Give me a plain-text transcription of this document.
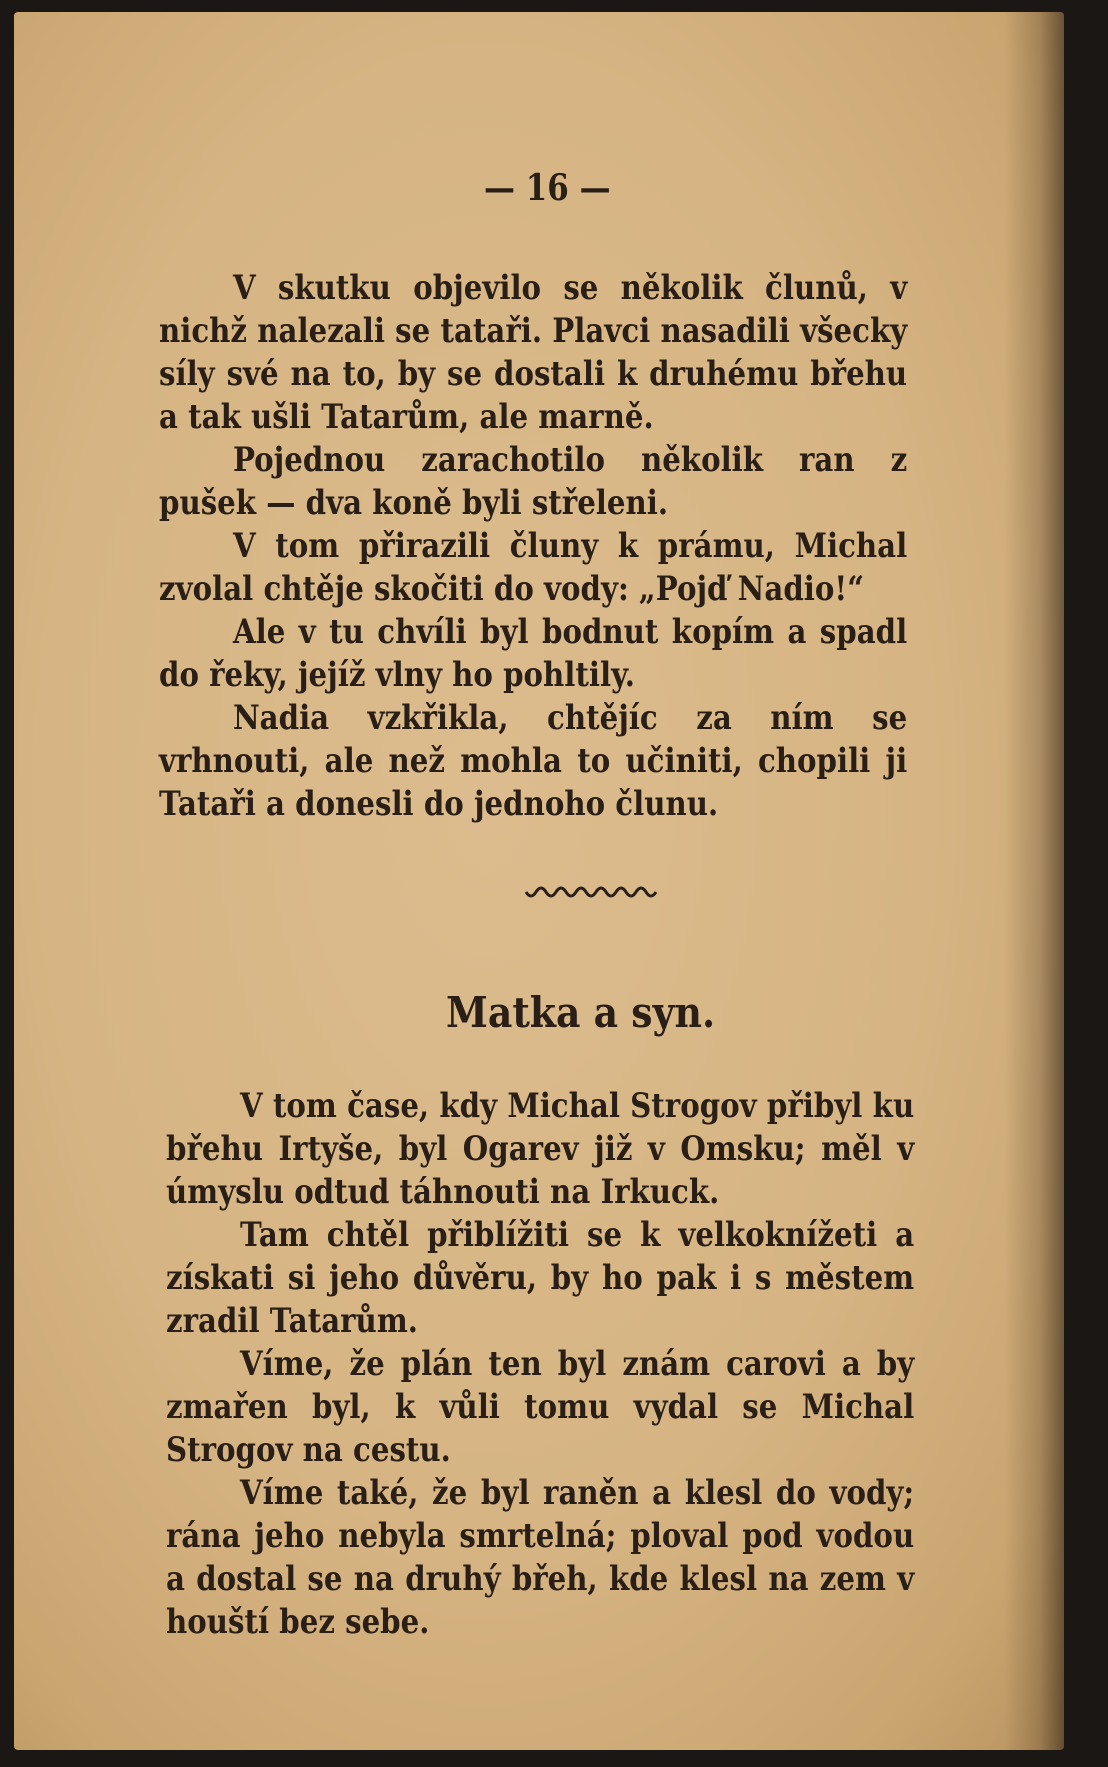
— 16 —

V skutku objevilo se několik člunů, v nichž nalezali se tataři. Plavci nasadili všecky síly své na to, by se dostali k druhému břehu a tak ušli Tatarům, ale marně.

Pojednou zarachotilo několik ran z pušek — dva koně byli střeleni.

V tom přirazili čluny k prámu, Michal zvolal chtěje skočiti do vody: „Pojď Nadio!“

Ale v tu chvíli byl bodnut kopím a spadl do řeky, jejíž vlny ho pohltily.

Nadia vzkřikla, chtějíc za ním se vrhnouti, ale než mohla to učiniti, chopili ji Tataři a donesli do jednoho člunu.

Matka a syn.

V tom čase, kdy Michal Strogov přibyl ku břehu Irtyše, byl Ogarev již v Omsku; měl v úmyslu odtud táhnouti na Irkuck.

Tam chtěl přiblížiti se k velkoknížeti a získati si jeho důvěru, by ho pak i s městem zradil Tatarům.

Víme, že plán ten byl znám carovi a by zmařen byl, k vůli tomu vydal se Michal Strogov na cestu.

Víme také, že byl raněn a klesl do vody; rána jeho nebyla smrtelná; ploval pod vodou a dostal se na druhý břeh, kde klesl na zem v houští bez sebe.
